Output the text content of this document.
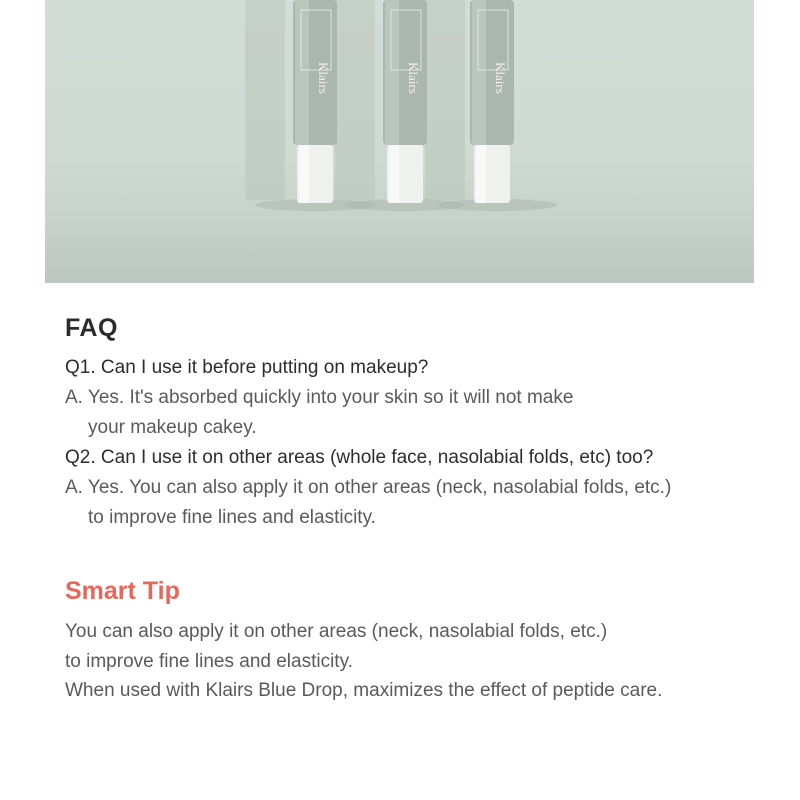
Klairs	Klairs	Klairs
FAQ
Q1. Can I use it before putting on makeup?
A. Yes. It's absorbed quickly into your skin so it will not make
your makeup cakey.
Q2. Can I use it on other areas (whole face, nasolabial folds, etc) too?
A. Yes. You can also apply it on other areas (neck, nasolabial folds, etc.)
to improve fine lines and elasticity.
Smart Tip
You can also apply it on other areas (neck, nasolabial folds, etc.)
to improve fine lines and elasticity.
When used with Klairs Blue Drop, maximizes the effect of peptide care.
